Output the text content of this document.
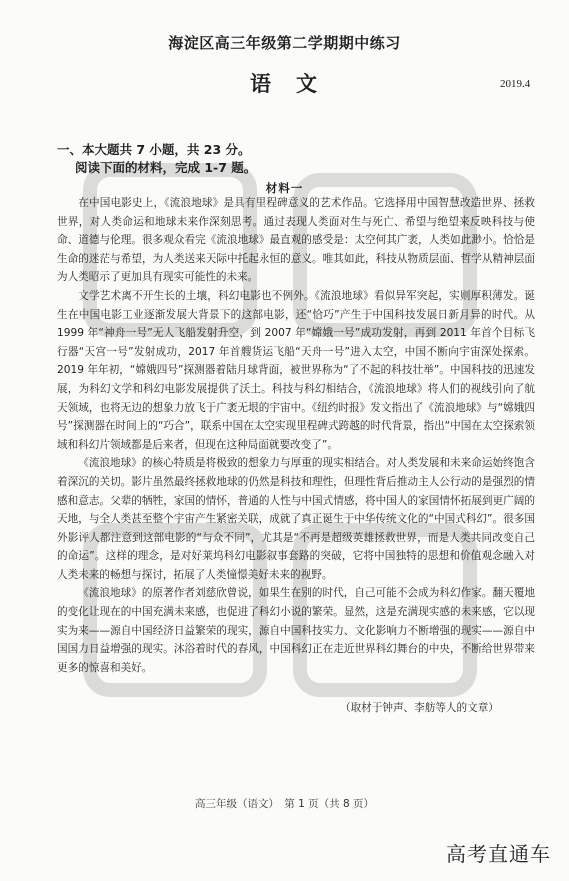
海淀区高三年级第二学期期中练习
语　文	2019.4
一、本大题共 7 小题，共 23 分。
阅读下面的材料，完成 1-7 题。
材料一

在中国电影史上，《流浪地球》是具有里程碑意义的艺术作品。它选择用中国智慧改造世界、拯救世界，对人类命运和地球未来作深刻思考。通过表现人类面对生与死亡、希望与绝望来反映科技与使命、道德与伦理。很多观众看完《流浪地球》最直观的感受是：太空何其广袤，人类如此渺小。恰恰是生命的迷茫与希望，为人类送来天际中托起永恒的意义。唯其如此，科技从物质层面、哲学从精神层面为人类昭示了更加具有现实可能性的未来。

文学艺术离不开生长的土壤，科幻电影也不例外。《流浪地球》看似异军突起，实则厚积薄发。诞生在中国电影工业逐渐发展大背景下的这部电影，还“恰巧”产生于中国科技发展日新月异的时代。从 1999 年“神舟一号”无人飞船发射升空，到 2007 年“嫦娥一号”成功发射，再到 2011 年首个目标飞行器“天宫一号”发射成功，2017 年首艘货运飞船“天舟一号”进入太空，中国不断向宇宙深处探索。2019 年年初，“嫦娥四号”探测器着陆月球背面，被世界称为“了不起的科技壮举”。中国科技的迅速发展，为科幻文学和科幻电影发展提供了沃土。科技与科幻相结合，《流浪地球》将人们的视线引向了航天领域，也将无边的想象力放飞于广袤无垠的宇宙中。《纽约时报》发文指出了《流浪地球》与“嫦娥四号”探测器在时间上的“巧合”，联系中国在太空实现里程碑式跨越的时代背景，指出“中国在太空探索领域和科幻片领域都是后来者，但现在这种局面就要改变了”。

《流浪地球》的核心特质是将极致的想象力与厚重的现实相结合。对人类发展和未来命运始终饱含着深沉的关切。影片虽然最终拯救地球的仍然是科技和理性，但理性背后推动主人公行动的是强烈的情感和意志。父辈的牺牲，家国的情怀，普通的人性与中国式情感，将中国人的家国情怀拓展到更广阔的天地，与全人类甚至整个宇宙产生紧密关联，成就了真正诞生于中华传统文化的“中国式科幻”。很多国外影评人都注意到这部电影的“与众不同”，尤其是“不再是超级英雄拯救世界，而是人类共同改变自己的命运”。这样的理念，是对好莱坞科幻电影叙事套路的突破，它将中国独特的思想和价值观念融入对人类未来的畅想与探讨，拓展了人类憧憬美好未来的视野。

《流浪地球》的原著作者刘慈欣曾说，如果生在别的时代，自己可能不会成为科幻作家。翻天覆地的变化让现在的中国充满未来感，也促进了科幻小说的繁荣。显然，这是充满现实感的未来感，它以现实为来——源自中国经济日益繁荣的现实，源自中国科技实力、文化影响力不断增强的现实——源自中国国力日益增强的现实。沐浴着时代的春风，中国科幻正在走近世界科幻舞台的中央，不断给世界带来更多的惊喜和美好。

（取材于钟声、李舫等人的文章）
高三年级（语文）　第 1 页（共 8 页）
高考直通车
